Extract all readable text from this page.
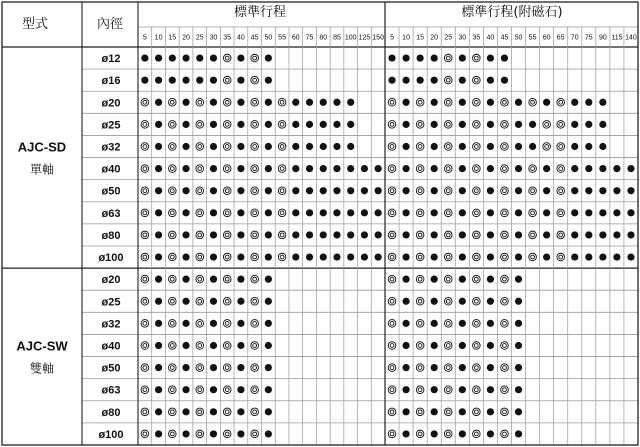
型式	內徑
標準行程	標準行程(附磁石)
5 10 15 20 25 30 35 40 45 50 55 60 75 80 85 100 125 150 5 10 15 20 25 30 35 40 45 50 55 60 65 70 75 90 115 140
ø12
ø16
ø20
ø25
ø32
ø40
ø50
ø63
ø80
ø100
AJC-SD
單軸
ø20
ø25
ø32
ø40
ø50
ø63
ø80
ø100
AJC-SW
雙軸
